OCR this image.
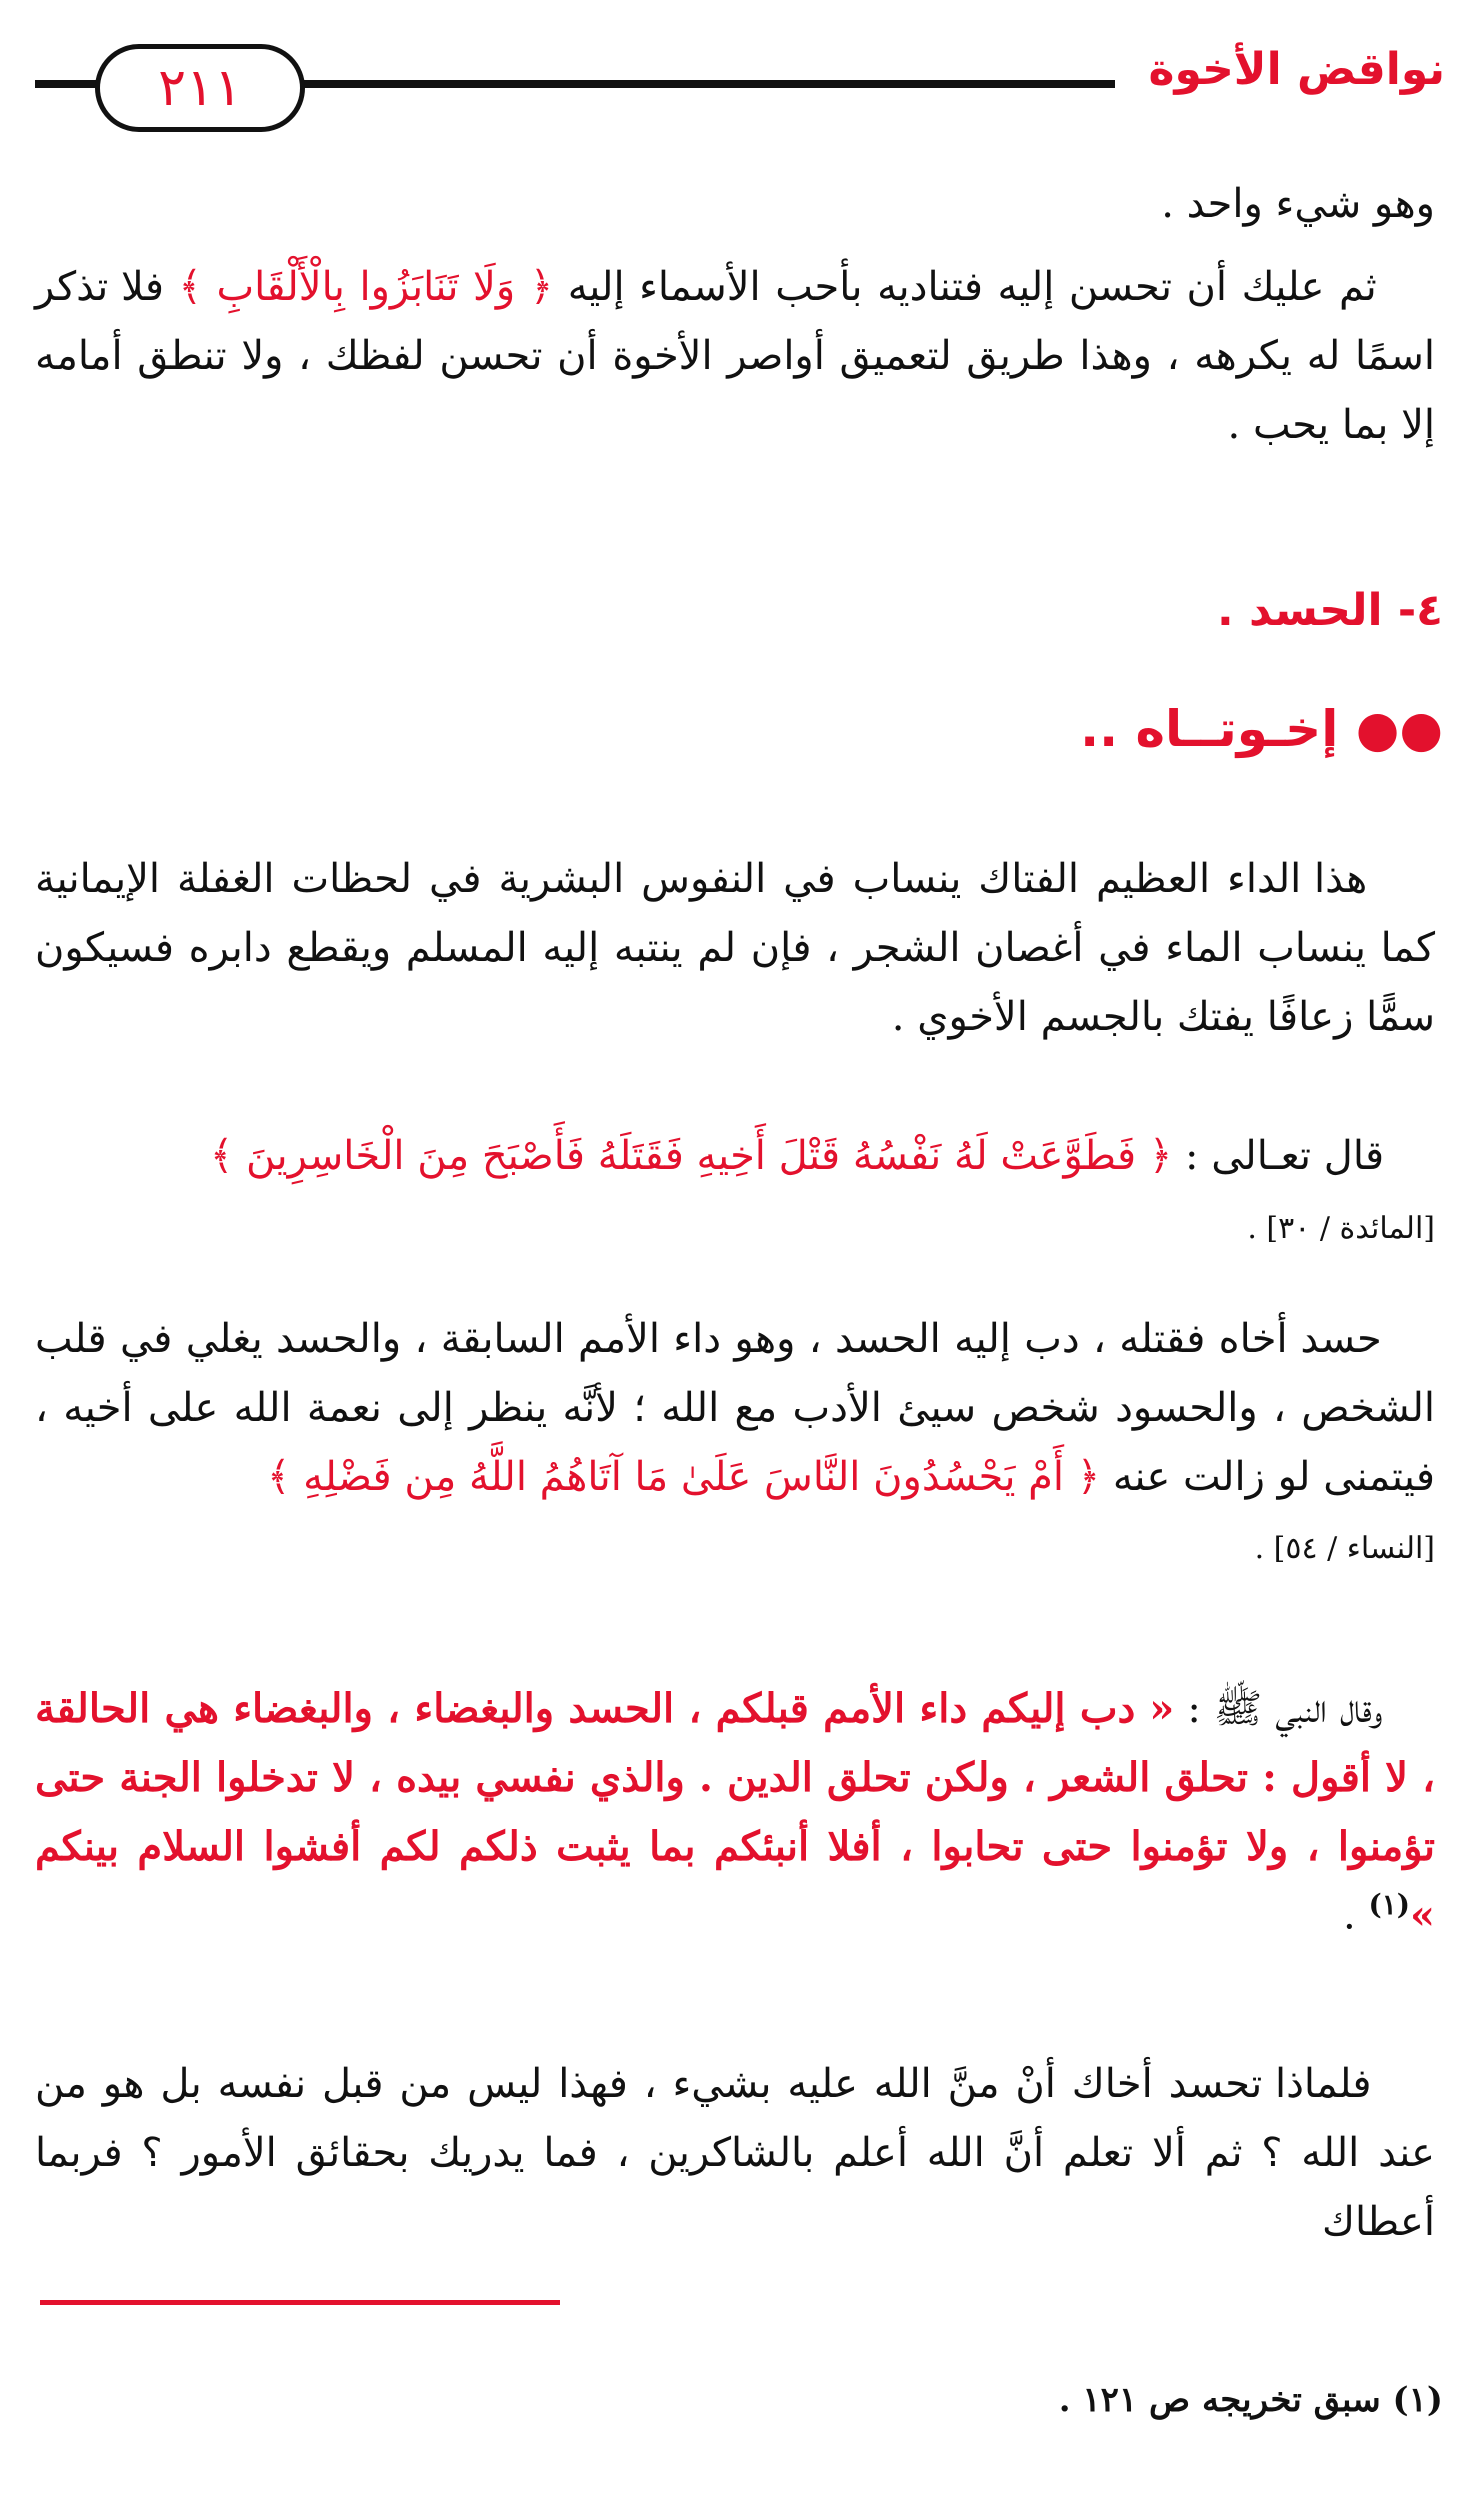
نواقض الأخوة
٢١١
وهو شيء واحد .
ثم عليك أن تحسن إليه فتناديه بأحب الأسماء إليه ﴿ وَلَا تَنَابَزُوا بِالْأَلْقَابِ ﴾ فلا تذكر اسمًا له يكرهه ، وهذا طريق لتعميق أواصر الأخوة أن تحسن لفظك ، ولا تنطق أمامه إلا بما يحب .
٤- الحسد .
●● إخـوتــاه ..
هذا الداء العظيم الفتاك ينساب في النفوس البشرية في لحظات الغفلة الإيمانية كما ينساب الماء في أغصان الشجر ، فإن لم ينتبه إليه المسلم ويقطع دابره فسيكون سمًّا زعافًا يفتك بالجسم الأخوي .
قال تعـالى : ﴿ فَطَوَّعَتْ لَهُ نَفْسُهُ قَتْلَ أَخِيهِ فَقَتَلَهُ فَأَصْبَحَ مِنَ الْخَاسِرِينَ ﴾
[المائدة / ٣٠] .
حسد أخاه فقتله ، دب إليه الحسد ، وهو داء الأمم السابقة ، والحسد يغلي في قلب الشخص ، والحسود شخص سيئ الأدب مع الله ؛ لأنَّه ينظر إلى نعمة الله على أخيه ، فيتمنى لو زالت عنه ﴿ أَمْ يَحْسُدُونَ النَّاسَ عَلَىٰ مَا آتَاهُمُ اللَّهُ مِن فَضْلِهِ ﴾
[النساء / ٥٤] .
وقال النبي ﷺ : « دب إليكم داء الأمم قبلكم ، الحسد والبغضاء ، والبغضاء هي الحالقة ، لا أقول : تحلق الشعر ، ولكن تحلق الدين . والذي نفسي بيده ، لا تدخلوا الجنة حتى تؤمنوا ، ولا تؤمنوا حتى تحابوا ، أفلا أنبئكم بما يثبت ذلكم لكم أفشوا السلام بينكم »$^{(١)}$ .
فلماذا تحسد أخاك أنْ منَّ الله عليه بشيء ، فهذا ليس من قبل نفسه بل هو من عند الله ؟ ثم ألا تعلم أنَّ الله أعلم بالشاكرين ، فما يدريك بحقائق الأمور ؟ فربما أعطاك
(١) سبق تخريجه ص ١٢١ .
